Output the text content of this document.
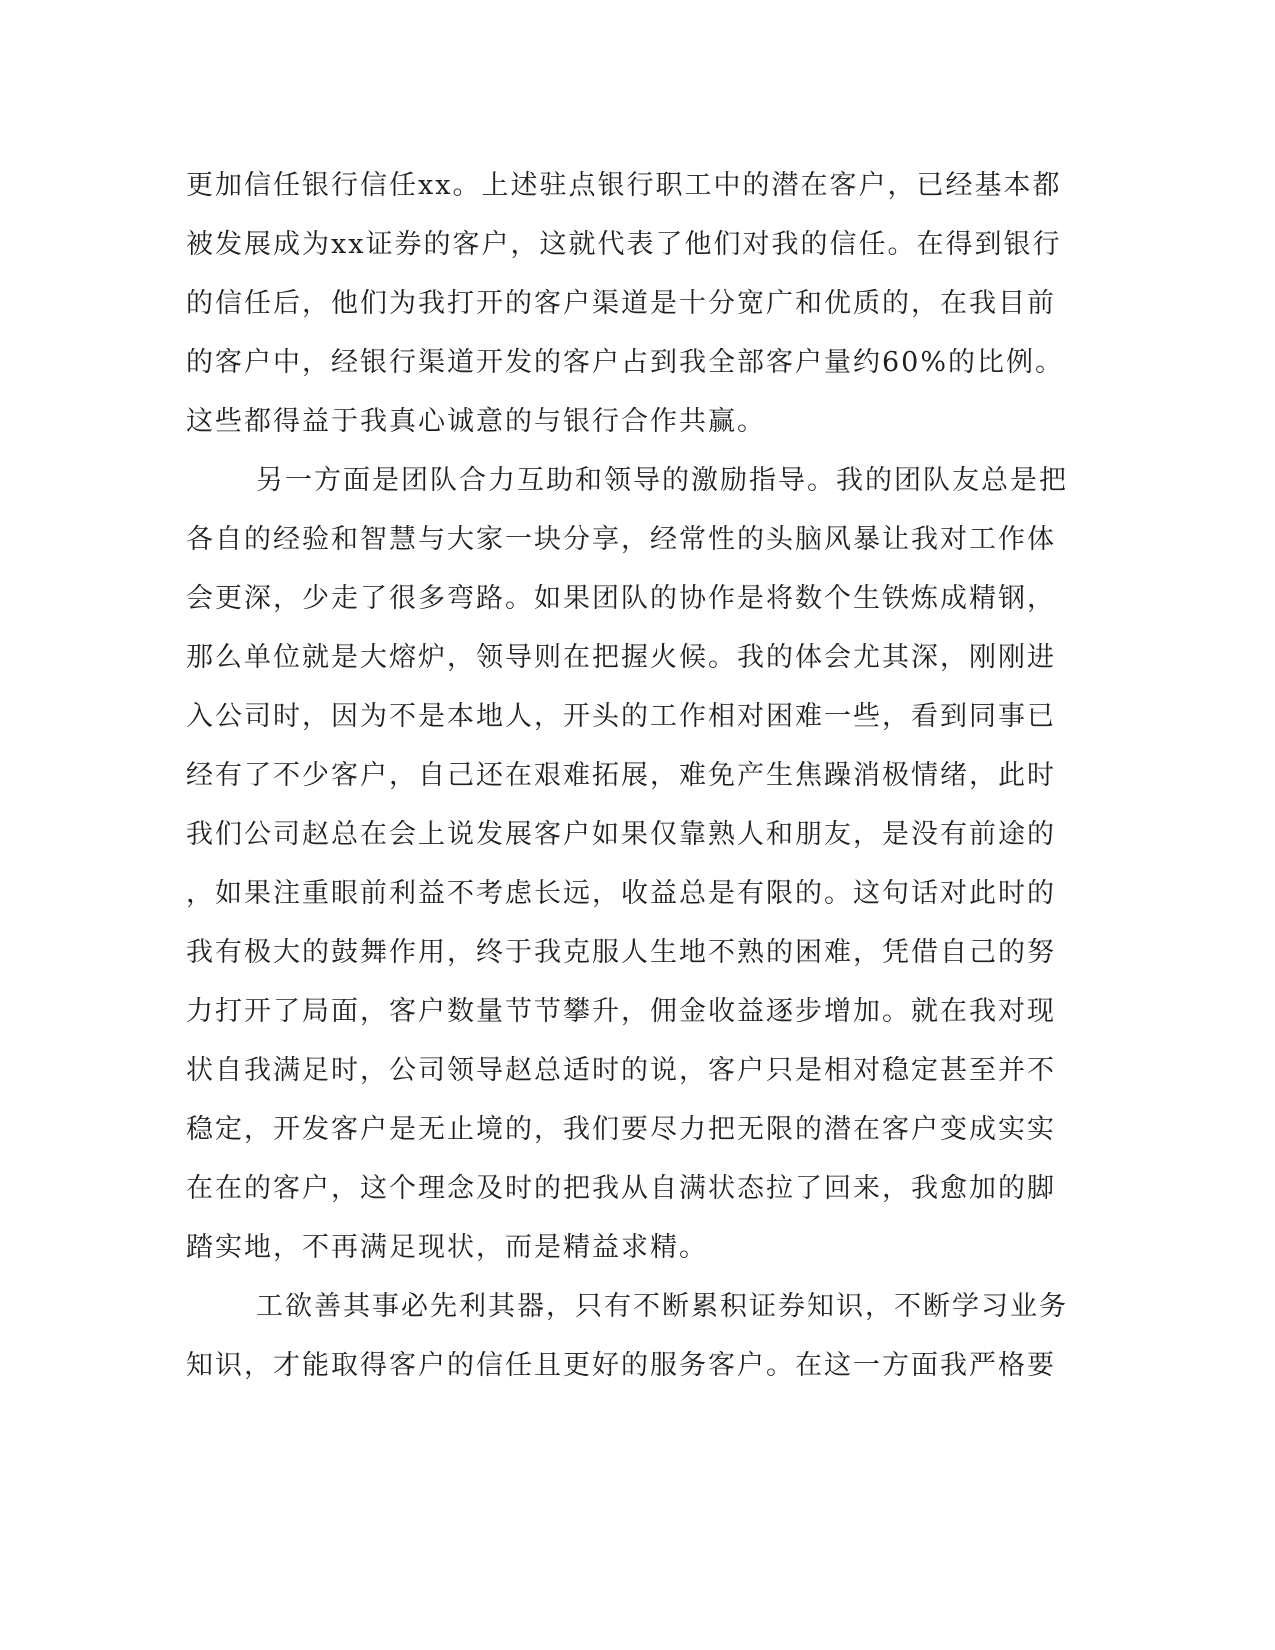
更加信任银行信任xx。上述驻点银行职工中的潜在客户，已经基本都
被发展成为xx证券的客户，这就代表了他们对我的信任。在得到银行
的信任后，他们为我打开的客户渠道是十分宽广和优质的，在我目前
的客户中，经银行渠道开发的客户占到我全部客户量约60%的比例。
这些都得益于我真心诚意的与银行合作共赢。
另一方面是团队合力互助和领导的激励指导。我的团队友总是把
各自的经验和智慧与大家一块分享，经常性的头脑风暴让我对工作体
会更深，少走了很多弯路。如果团队的协作是将数个生铁炼成精钢，
那么单位就是大熔炉，领导则在把握火候。我的体会尤其深，刚刚进
入公司时，因为不是本地人，开头的工作相对困难一些，看到同事已
经有了不少客户，自己还在艰难拓展，难免产生焦躁消极情绪，此时
我们公司赵总在会上说发展客户如果仅靠熟人和朋友，是没有前途的
，如果注重眼前利益不考虑长远，收益总是有限的。这句话对此时的
我有极大的鼓舞作用，终于我克服人生地不熟的困难，凭借自己的努
力打开了局面，客户数量节节攀升，佣金收益逐步增加。就在我对现
状自我满足时，公司领导赵总适时的说，客户只是相对稳定甚至并不
稳定，开发客户是无止境的，我们要尽力把无限的潜在客户变成实实
在在的客户，这个理念及时的把我从自满状态拉了回来，我愈加的脚
踏实地，不再满足现状，而是精益求精。
工欲善其事必先利其器，只有不断累积证券知识，不断学习业务
知识，才能取得客户的信任且更好的服务客户。在这一方面我严格要
